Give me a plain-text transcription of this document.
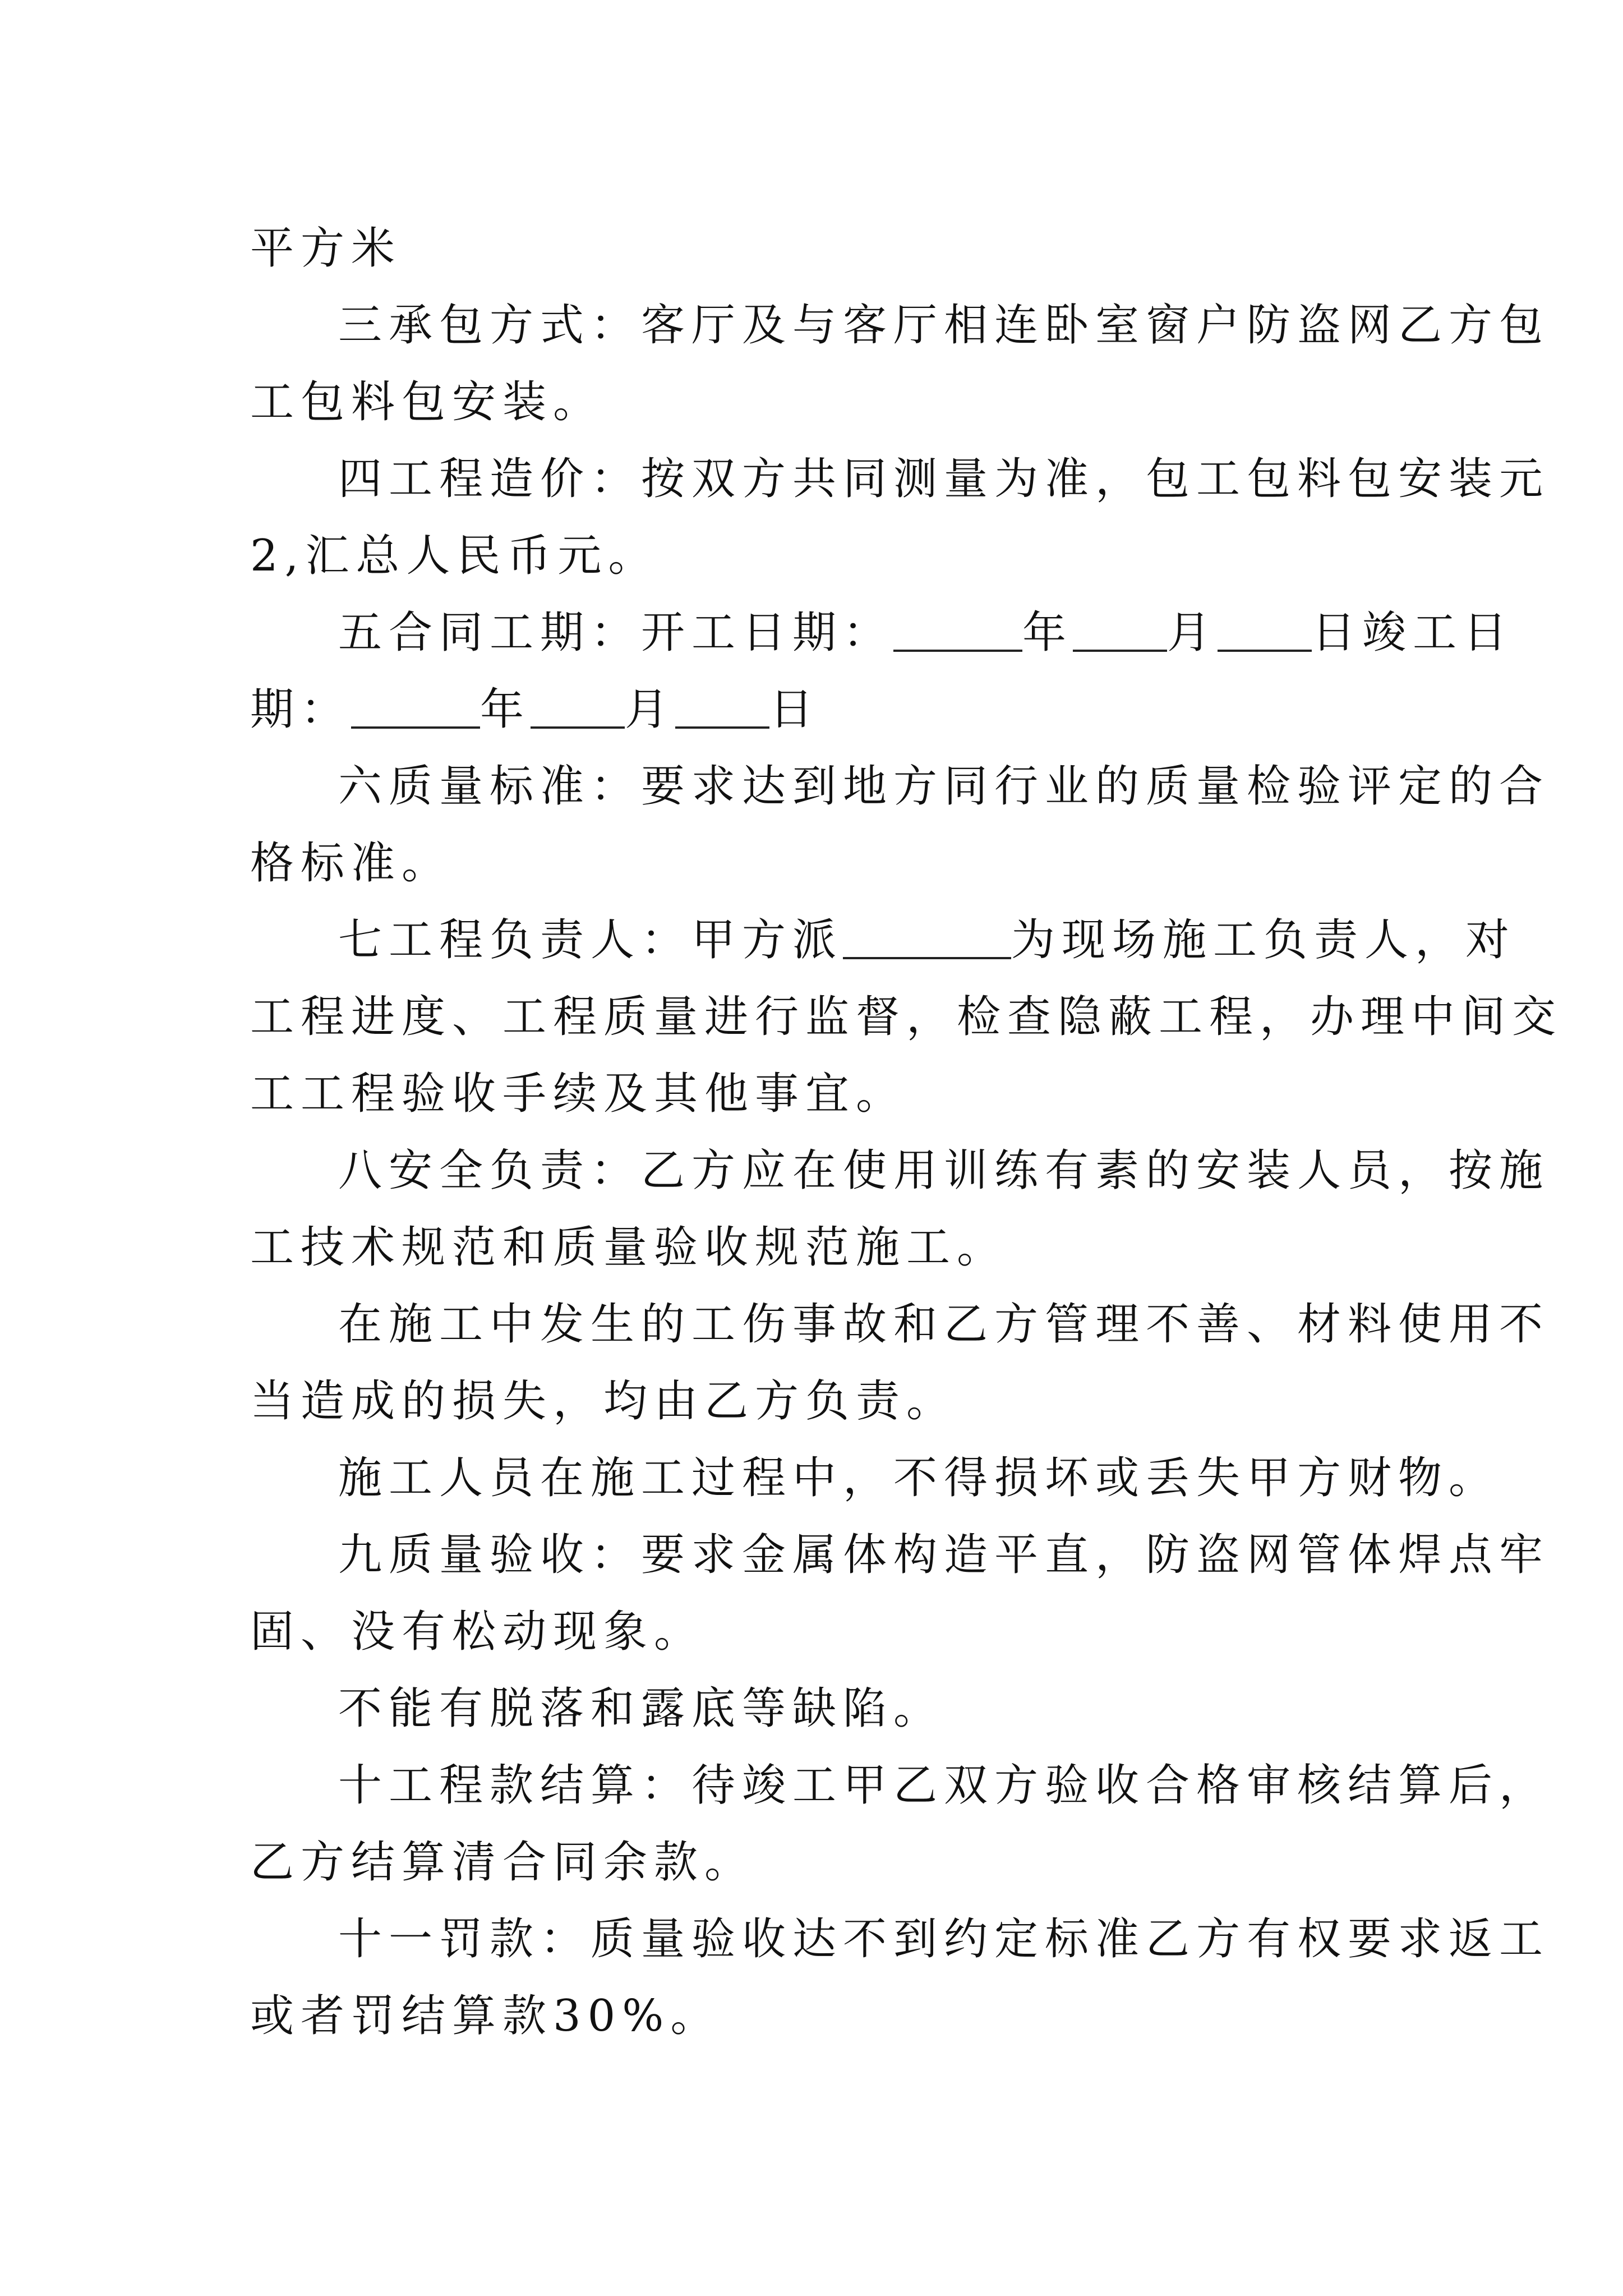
平方米
三承包方式：客厅及与客厅相连卧室窗户防盗网乙方包
工包料包安装。
四工程造价：按双方共同测量为准，包工包料包安装元
2,汇总人民币元。
五合同工期：开工日期：	年 月 日竣工日
期：	年 月 日
六质量标准：要求达到地方同行业的质量检验评定的合
格标准。
七工程负责人：甲方派	为现场施工负责人，对
工程进度、工程质量进行监督，检查隐蔽工程，办理中间交
工工程验收手续及其他事宜。
八安全负责：乙方应在使用训练有素的安装人员，按施
工技术规范和质量验收规范施工。
在施工中发生的工伤事故和乙方管理不善、材料使用不
当造成的损失，均由乙方负责。
施工人员在施工过程中，不得损坏或丢失甲方财物。
九质量验收：要求金属体构造平直，防盗网管体焊点牢
固、没有松动现象。
不能有脱落和露底等缺陷。
十工程款结算：待竣工甲乙双方验收合格审核结算后，
乙方结算清合同余款。
十一罚款：质量验收达不到约定标准乙方有权要求返工
或者罚结算款30%。
